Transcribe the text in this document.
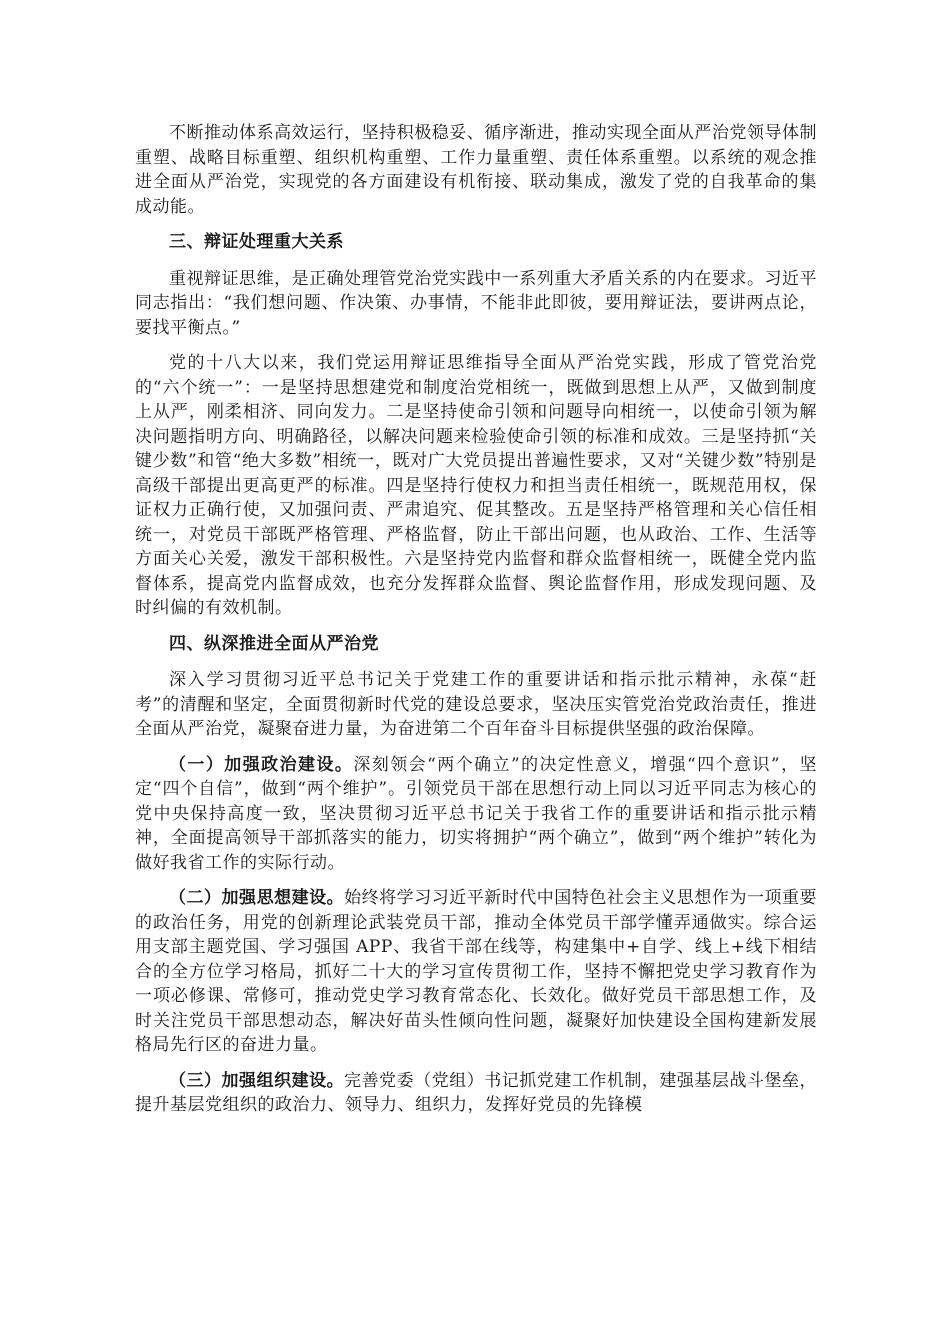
不断推动体系高效运行，坚持积极稳妥、循序渐进，推动实现全面从严治党领导体制重塑、战略目标重塑、组织机构重塑、工作力量重塑、责任体系重塑。以系统的观念推进全面从严治党，实现党的各方面建设有机衔接、联动集成，激发了党的自我革命的集成动能。

三、辩证处理重大关系

重视辩证思维，是正确处理管党治党实践中一系列重大矛盾关系的内在要求。习近平同志指出：“我们想问题、作决策、办事情，不能非此即彼，要用辩证法，要讲两点论，要找平衡点。”

党的十八大以来，我们党运用辩证思维指导全面从严治党实践，形成了管党治党的“六个统一”：一是坚持思想建党和制度治党相统一，既做到思想上从严，又做到制度上从严，刚柔相济、同向发力。二是坚持使命引领和问题导向相统一，以使命引领为解决问题指明方向、明确路径，以解决问题来检验使命引领的标准和成效。三是坚持抓“关键少数”和管“绝大多数”相统一，既对广大党员提出普遍性要求，又对“关键少数”特别是高级干部提出更高更严的标准。四是坚持行使权力和担当责任相统一，既规范用权，保证权力正确行使，又加强问责、严肃追究、促其整改。五是坚持严格管理和关心信任相统一，对党员干部既严格管理、严格监督，防止干部出问题，也从政治、工作、生活等方面关心关爱，激发干部积极性。六是坚持党内监督和群众监督相统一，既健全党内监督体系，提高党内监督成效，也充分发挥群众监督、舆论监督作用，形成发现问题、及时纠偏的有效机制。

四、纵深推进全面从严治党

深入学习贯彻习近平总书记关于党建工作的重要讲话和指示批示精神，永葆“赶考”的清醒和坚定，全面贯彻新时代党的建设总要求，坚决压实管党治党政治责任，推进全面从严治党，凝聚奋进力量，为奋进第二个百年奋斗目标提供坚强的政治保障。

（一）加强政治建设。深刻领会“两个确立”的决定性意义，增强“四个意识”，坚定“四个自信”，做到“两个维护”。引领党员干部在思想行动上同以习近平同志为核心的党中央保持高度一致，坚决贯彻习近平总书记关于我省工作的重要讲话和指示批示精神，全面提高领导干部抓落实的能力，切实将拥护“两个确立”，做到“两个维护”转化为做好我省工作的实际行动。

（二）加强思想建设。始终将学习习近平新时代中国特色社会主义思想作为一项重要的政治任务，用党的创新理论武装党员干部，推动全体党员干部学懂弄通做实。综合运用支部主题党国、学习强国 APP、我省干部在线等，构建集中+自学、线上+线下相结合的全方位学习格局，抓好二十大的学习宣传贯彻工作，坚持不懈把党史学习教育作为一项必修课、常修可，推动党史学习教育常态化、长效化。做好党员干部思想工作，及时关注党员干部思想动态，解决好苗头性倾向性问题，凝聚好加快建设全国构建新发展格局先行区的奋进力量。

（三）加强组织建设。完善党委（党组）书记抓党建工作机制，建强基层战斗堡垒，提升基层党组织的政治力、领导力、组织力，发挥好党员的先锋模
